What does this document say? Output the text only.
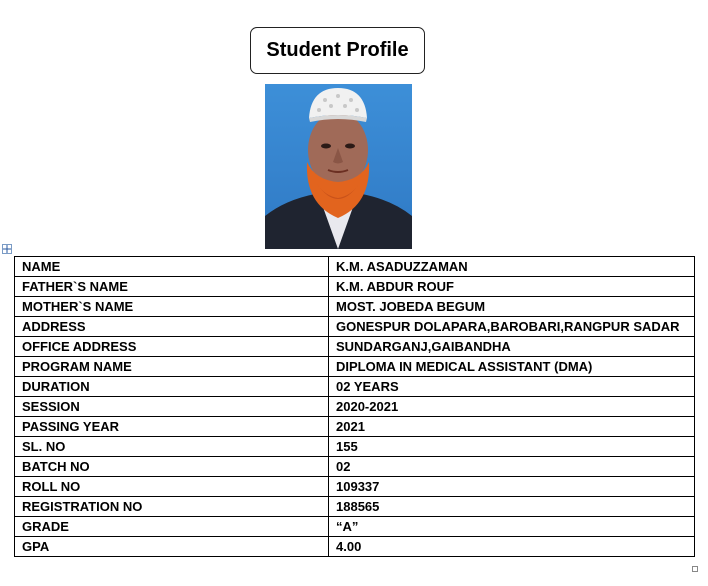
Student Profile
NAME	K.M. ASADUZZAMAN
FATHER`S NAME	K.M. ABDUR ROUF
MOTHER`S NAME	MOST. JOBEDA BEGUM
ADDRESS	GONESPUR DOLAPARA,BAROBARI,RANGPUR SADAR
OFFICE ADDRESS	SUNDARGANJ,GAIBANDHA
PROGRAM NAME	DIPLOMA IN MEDICAL ASSISTANT (DMA)
DURATION	02 YEARS
SESSION	2020-2021
PASSING YEAR	2021
SL. NO	155
BATCH NO	02
ROLL NO	109337
REGISTRATION NO	188565
GRADE	“A”
GPA	4.00
